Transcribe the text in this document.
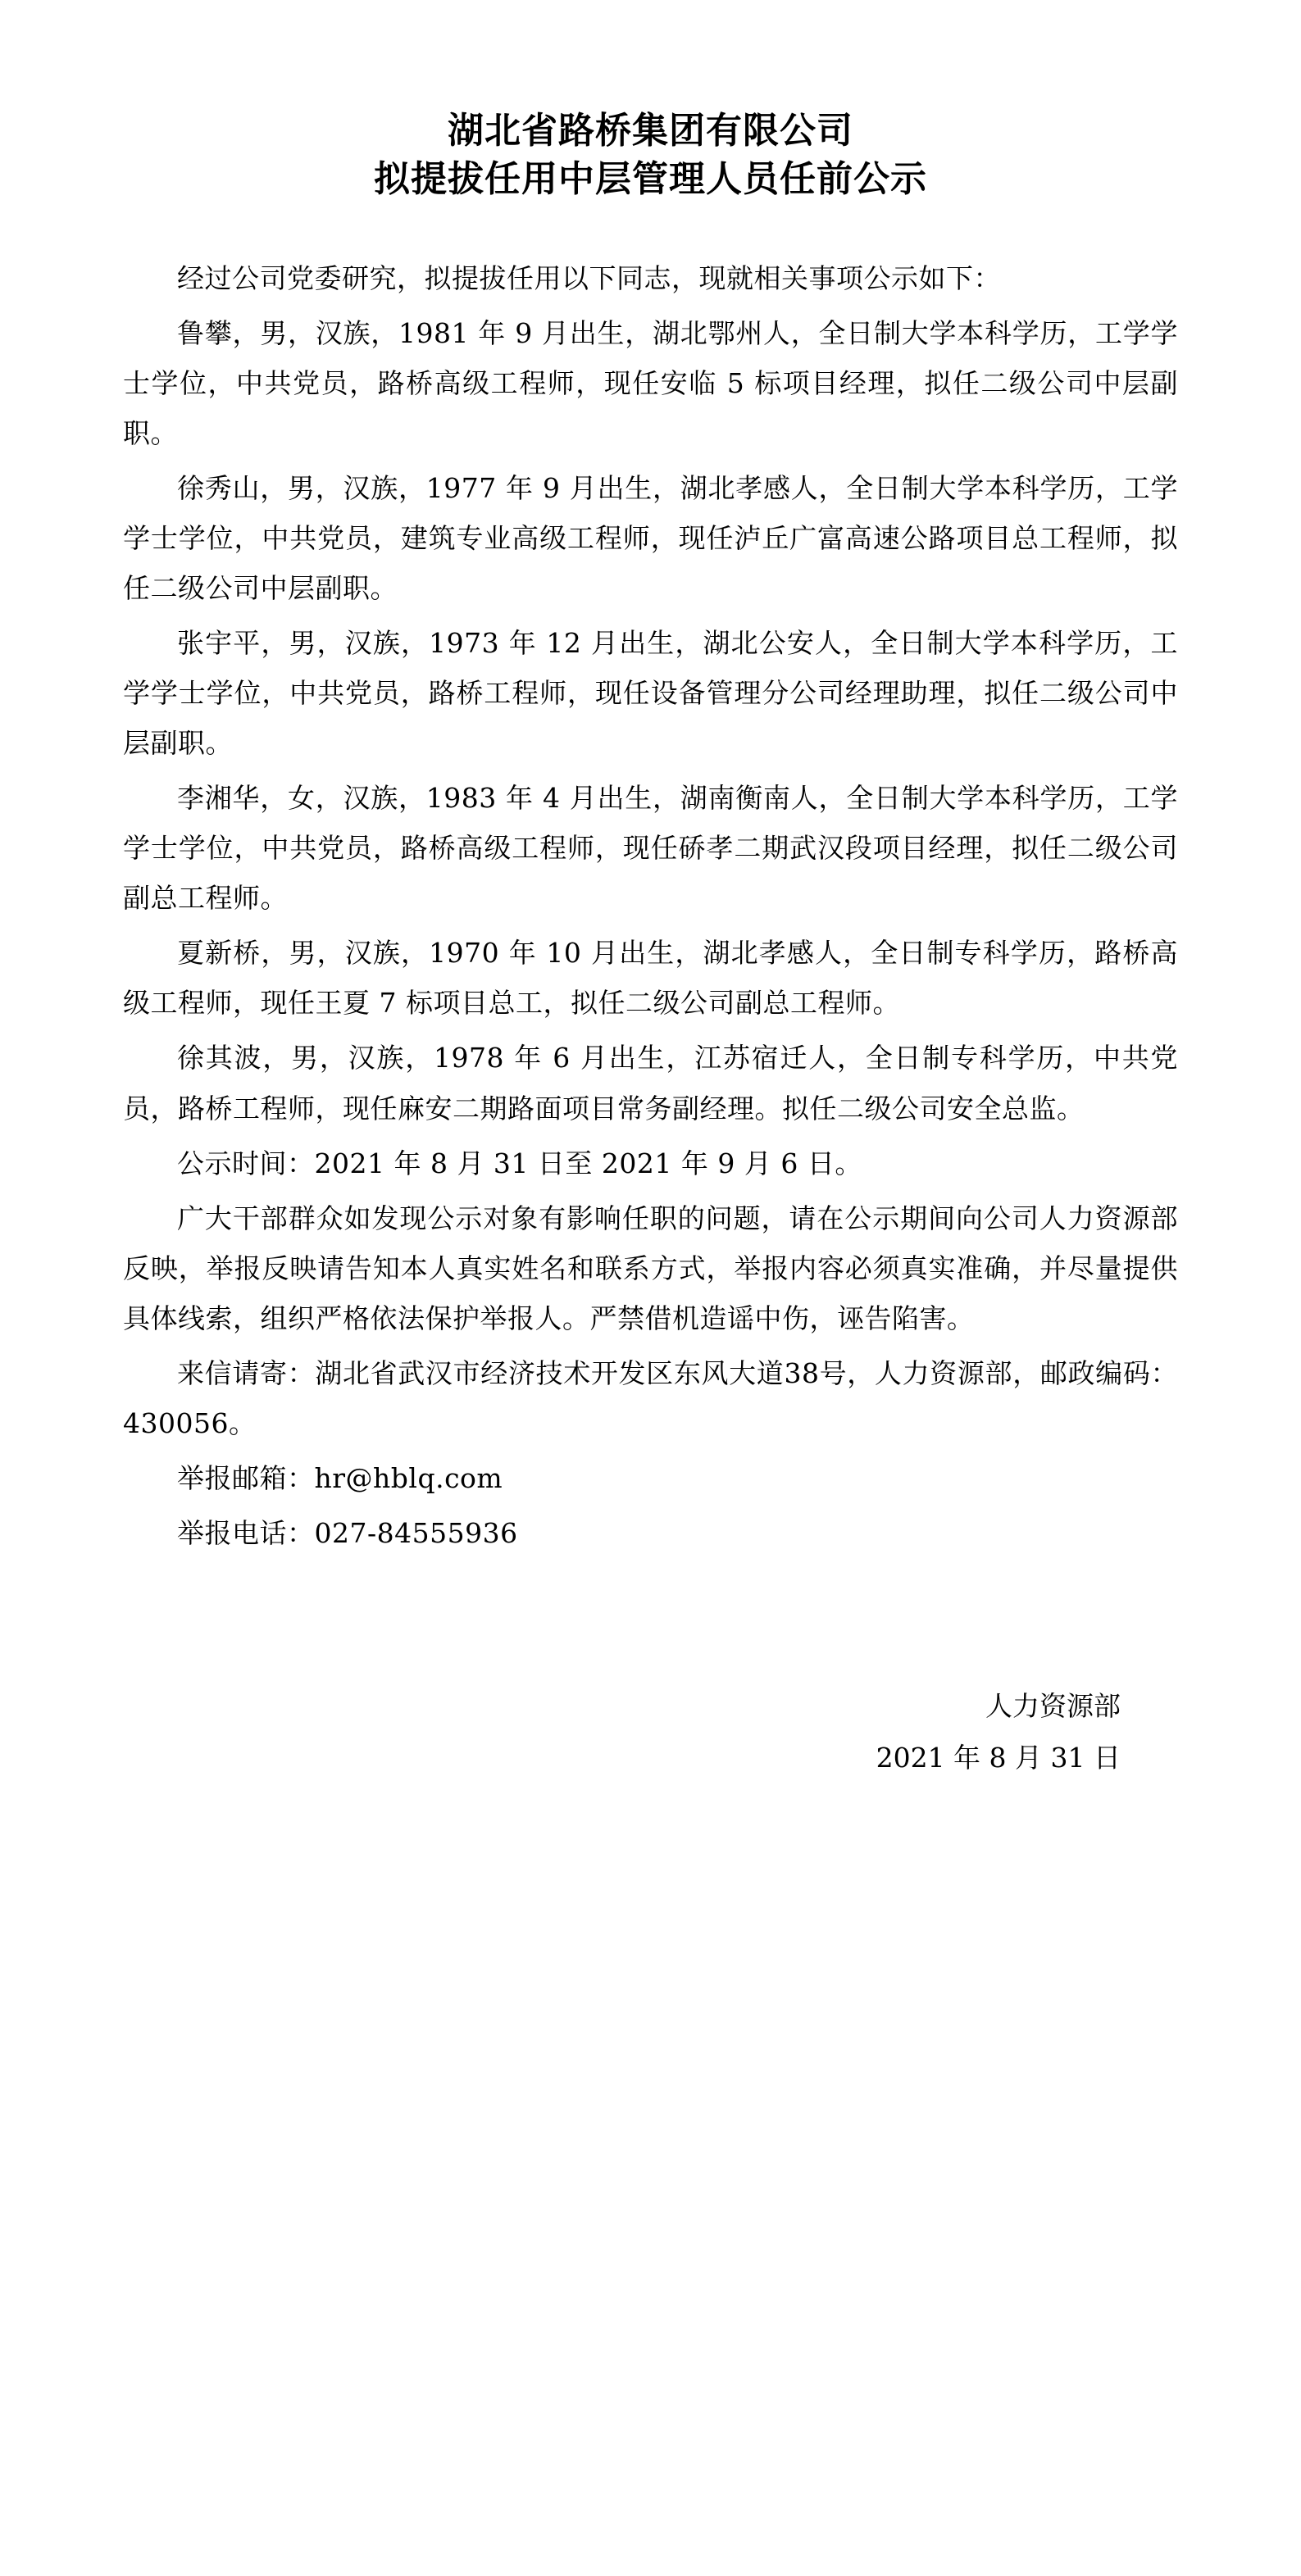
湖北省路桥集团有限公司
拟提拔任用中层管理人员任前公示

经过公司党委研究，拟提拔任用以下同志，现就相关事项公示如下：

鲁攀，男，汉族，1981 年 9 月出生，湖北鄂州人，全日制大学本科学历，工学学士学位，中共党员，路桥高级工程师，现任安临 5 标项目经理，拟任二级公司中层副职。

徐秀山，男，汉族，1977 年 9 月出生，湖北孝感人，全日制大学本科学历，工学学士学位，中共党员，建筑专业高级工程师，现任泸丘广富高速公路项目总工程师，拟任二级公司中层副职。

张宇平，男，汉族，1973 年 12 月出生，湖北公安人，全日制大学本科学历，工学学士学位，中共党员，路桥工程师，现任设备管理分公司经理助理，拟任二级公司中层副职。

李湘华，女，汉族，1983 年 4 月出生，湖南衡南人，全日制大学本科学历，工学学士学位，中共党员，路桥高级工程师，现任硚孝二期武汉段项目经理，拟任二级公司副总工程师。

夏新桥，男，汉族，1970 年 10 月出生，湖北孝感人，全日制专科学历，路桥高级工程师，现任王夏 7 标项目总工，拟任二级公司副总工程师。

徐其波，男，汉族，1978 年 6 月出生，江苏宿迁人，全日制专科学历，中共党员，路桥工程师，现任麻安二期路面项目常务副经理。拟任二级公司安全总监。

公示时间：2021 年 8 月 31 日至 2021 年 9 月 6 日。

广大干部群众如发现公示对象有影响任职的问题，请在公示期间向公司人力资源部反映，举报反映请告知本人真实姓名和联系方式，举报内容必须真实准确，并尽量提供具体线索，组织严格依法保护举报人。严禁借机造谣中伤，诬告陷害。

来信请寄：湖北省武汉市经济技术开发区东风大道38号，人力资源部，邮政编码：430056。

举报邮箱：hr@hblq.com

举报电话：027-84555936

人力资源部
2021 年 8 月 31 日
